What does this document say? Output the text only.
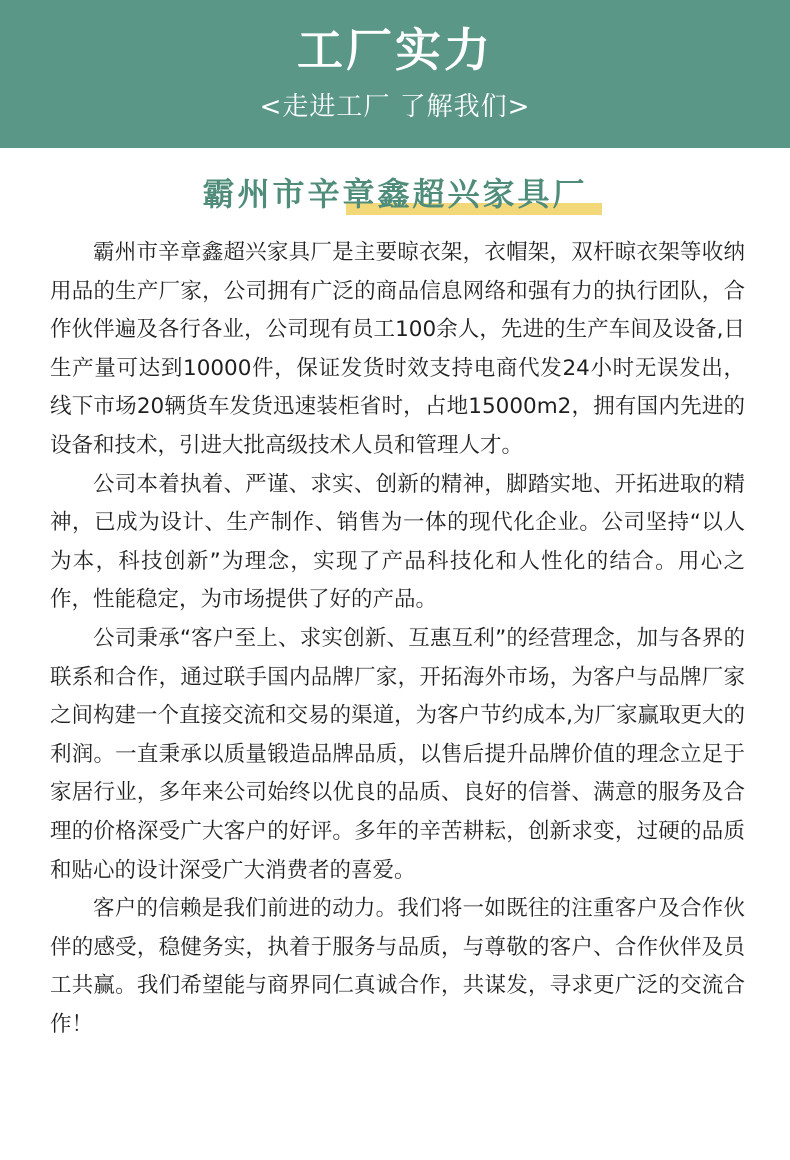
工厂实力
<走进工厂 了解我们>
霸州市辛章鑫超兴家具厂

霸州市辛章鑫超兴家具厂是主要晾衣架，衣帽架，双杆晾衣架等收纳用品的生产厂家，公司拥有广泛的商品信息网络和强有力的执行团队，合作伙伴遍及各行各业，公司现有员工100余人，先进的生产车间及设备,日生产量可达到10000件，保证发货时效支持电商代发24小时无误发出，线下市场20辆货车发货迅速装柜省时，占地15000m2，拥有国内先进的设备和技术，引进大批高级技术人员和管理人才。

公司本着执着、严谨、求实、创新的精神，脚踏实地、开拓进取的精神，已成为设计、生产制作、销售为一体的现代化企业。公司坚持“以人为本，科技创新”为理念，实现了产品科技化和人性化的结合。用心之作，性能稳定，为市场提供了好的产品。

公司秉承“客户至上、求实创新、互惠互利”的经营理念，加与各界的联系和合作，通过联手国内品牌厂家，开拓海外市场，为客户与品牌厂家之间构建一个直接交流和交易的渠道，为客户节约成本,为厂家赢取更大的利润。一直秉承以质量锻造品牌品质，以售后提升品牌价值的理念立足于家居行业，多年来公司始终以优良的品质、良好的信誉、满意的服务及合理的价格深受广大客户的好评。多年的辛苦耕耘，创新求变，过硬的品质和贴心的设计深受广大消费者的喜爱。

客户的信赖是我们前进的动力。我们将一如既往的注重客户及合作伙伴的感受，稳健务实，执着于服务与品质，与尊敬的客户、合作伙伴及员工共赢。我们希望能与商界同仁真诚合作，共谋发，寻求更广泛的交流合作！
